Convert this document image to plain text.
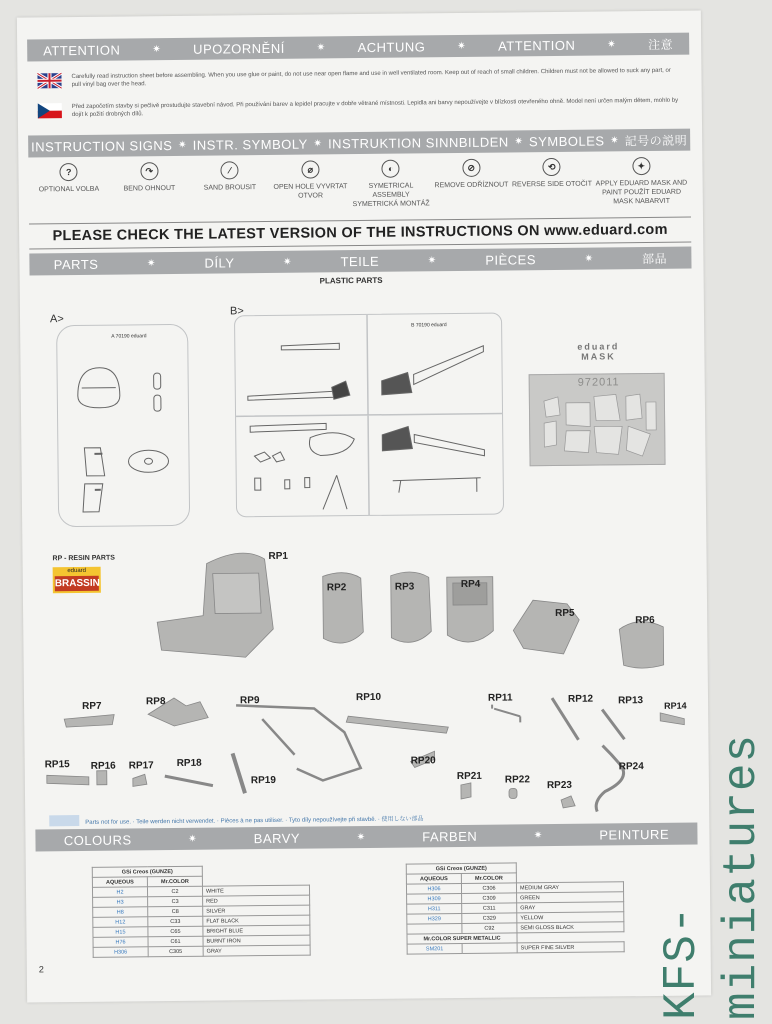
ATTENTION	✷ UPOZORNĚNÍ	✷ ACHTUNG	✷ ATTENTION	✷	注意
Carefully read instruction sheet before assembling. When you use glue or paint, do not use near open flame and use in well ventilated room. Keep out of reach of small children. Children must not be allowed to suck any part, or pull vinyl bag over the head.
Před započetím stavby si pečlivě prostudujte stavební návod. Při používání barev a lepidel pracujte v dobře větrané místnosti. Lepidla ani barvy nepoužívejte v blízkosti otevřeného ohně. Model není určen malým dětem, mohlo by dojít k požití drobných dílů.
INSTRUCTION SIGNS ✷ INSTR. SYMBOLY ✷ INSTRUKTION SINNBILDEN ✷ SYMBOLES ✷ 記号の説明
?
OPTIONAL VOLBA
↷
BEND OHNOUT
∕
SAND BROUSIT
⌀
OPEN HOLE VYVRTAT OTVOR
◐
SYMETRICAL ASSEMBLY SYMETRICKÁ MONTÁŽ
⊘
REMOVE ODŘÍZNOUT
⟲
REVERSE SIDE OTOČIT
✦
APPLY EDUARD MASK AND PAINT POUŽÍT EDUARD MASK NABARVIT
PLEASE CHECK THE LATEST VERSION OF THE INSTRUCTIONS ON www.eduard.com
PARTS	✷	DÍLY	✷	TEILE	✷	PIÈCES	✷	部品
PLASTIC PARTS
A>
A 70190 eduard
B>
B 70190 eduard
eduard MASK
972011
RP - RESIN PARTS
eduard
BRASSIN
RP1
RP2	RP3	RP4
RP5
RP6
RP7	RP8	RP9	RP10	RP11	RP12 RP13 RP14
RP15 RP16 RP17 RP18
RP19
RP20
RP21 RP22 RP23
RP24
Parts not for use. · Teile werden nicht verwendet. · Pièces à ne pas utiliser. · Tyto díly nepoužívejte při stavbě. · 使用しない部品
COLOURS	✷	BARVY	✷	FARBEN	✷	PEINTURE
GSi Creos (GUNZE)		
AQUEOUS	Mr.COLOR	
H2	C2	WHITE
H3	C3	RED
H8	C8	SILVER
H12	C33	FLAT BLACK
H15	C65	BRIGHT BLUE
H76	C61	BURNT IRON
H306	C305	GRAY
GSi Creos (GUNZE)		
AQUEOUS	Mr.COLOR	
H306	C306	MEDIUM GRAY
H309	C309	GREEN
H311	C311	GRAY
H329	C329	YELLOW
	C92	SEMI GLOSS BLACK
Mr.COLOR SUPER METALLIC		
SM201		SUPER FINE SILVER
2	KFS-miniatures
